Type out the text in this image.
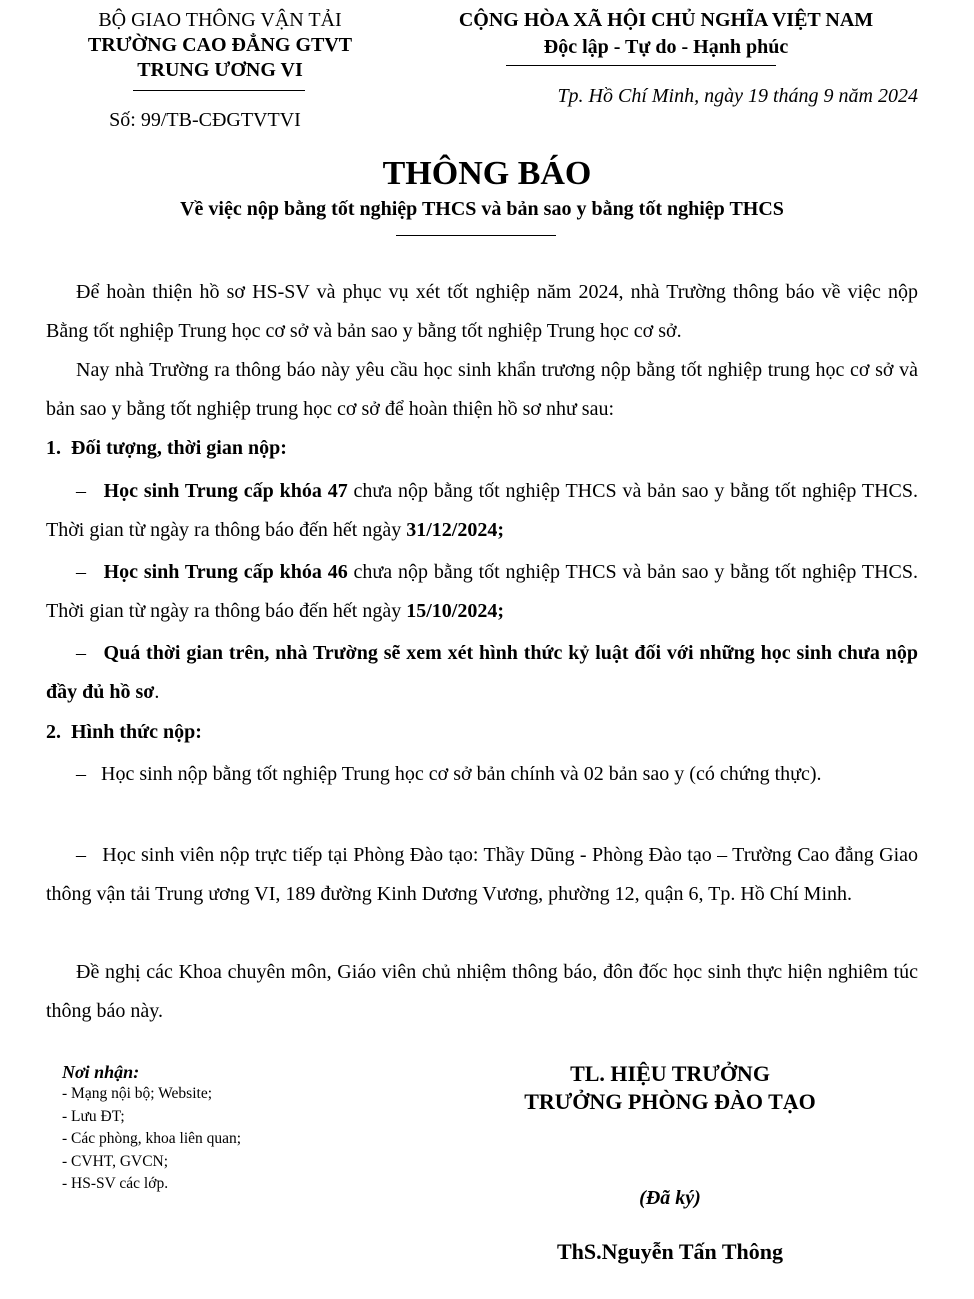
BỘ GIAO THÔNG VẬN TẢI
TRƯỜNG CAO ĐẲNG GTVT
TRUNG ƯƠNG VI
Số: 99/TB-CĐGTVTVI
CỘNG HÒA XÃ HỘI CHỦ NGHĨA VIỆT NAM
Độc lập - Tự do - Hạnh phúc
Tp. Hồ Chí Minh, ngày 19 tháng 9 năm 2024
THÔNG BÁO
Về việc nộp bằng tốt nghiệp THCS và bản sao y bằng tốt nghiệp THCS
Để hoàn thiện hồ sơ HS-SV và phục vụ xét tốt nghiệp năm 2024, nhà Trường thông báo về việc nộp Bằng tốt nghiệp Trung học cơ sở và bản sao y bằng tốt nghiệp Trung học cơ sở.
Nay nhà Trường ra thông báo này yêu cầu học sinh khẩn trương nộp bằng tốt nghiệp trung học cơ sở và bản sao y bằng tốt nghiệp trung học cơ sở để hoàn thiện hồ sơ như sau:
1. Đối tượng, thời gian nộp:
– Học sinh Trung cấp khóa 47 chưa nộp bằng tốt nghiệp THCS và bản sao y bằng tốt nghiệp THCS. Thời gian từ ngày ra thông báo đến hết ngày 31/12/2024;
– Học sinh Trung cấp khóa 46 chưa nộp bằng tốt nghiệp THCS và bản sao y bằng tốt nghiệp THCS. Thời gian từ ngày ra thông báo đến hết ngày 15/10/2024;
– Quá thời gian trên, nhà Trường sẽ xem xét hình thức kỷ luật đối với những học sinh chưa nộp đầy đủ hồ sơ.
2. Hình thức nộp:
– Học sinh nộp bằng tốt nghiệp Trung học cơ sở bản chính và 02 bản sao y (có chứng thực).
– Học sinh viên nộp trực tiếp tại Phòng Đào tạo: Thầy Dũng - Phòng Đào tạo – Trường Cao đẳng Giao thông vận tải Trung ương VI, 189 đường Kinh Dương Vương, phường 12, quận 6, Tp. Hồ Chí Minh.
Đề nghị các Khoa chuyên môn, Giáo viên chủ nhiệm thông báo, đôn đốc học sinh thực hiện nghiêm túc thông báo này.
Nơi nhận:
- Mạng nội bộ; Website;
- Lưu ĐT;
- Các phòng, khoa liên quan;
- CVHT, GVCN;
- HS-SV các lớp.
TL. HIỆU TRƯỞNG
TRƯỞNG PHÒNG ĐÀO TẠO
(Đã ký)
ThS.Nguyễn Tấn Thông
